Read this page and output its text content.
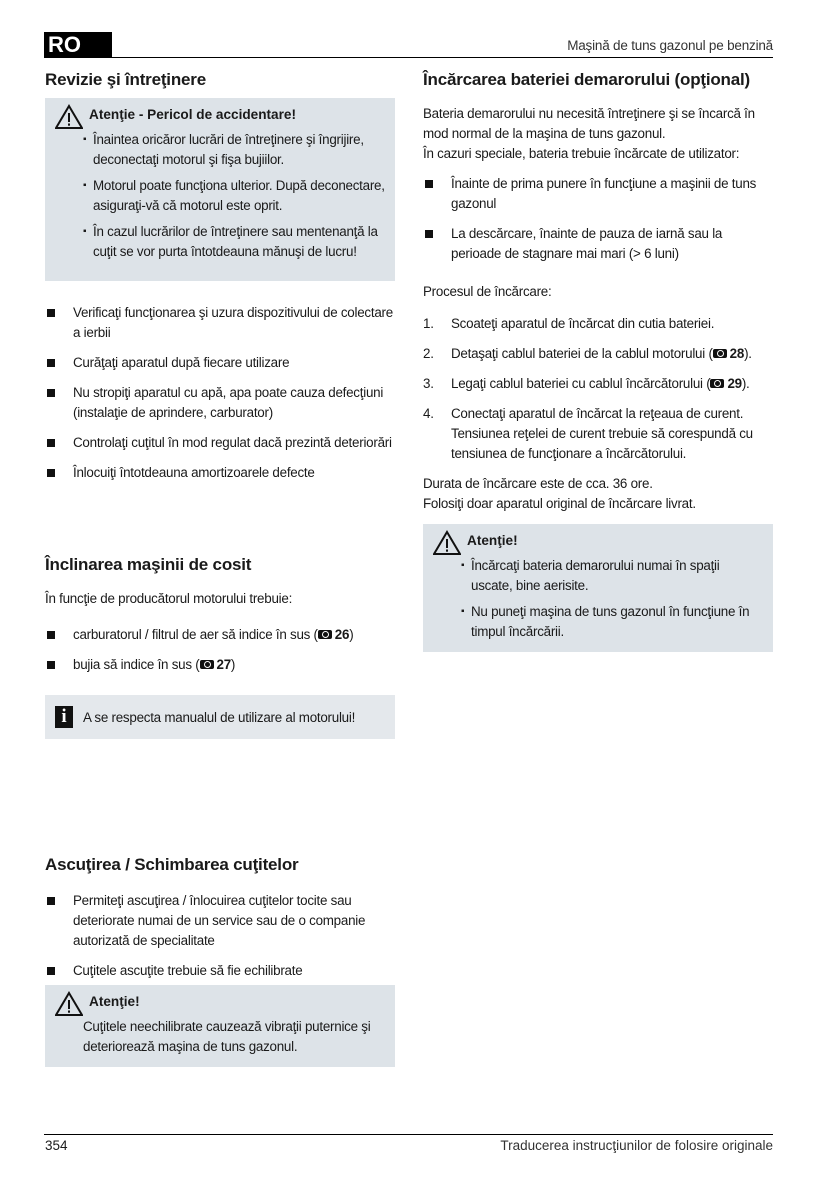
RO	Maşină de tuns gazonul pe benzină
Revizie şi întreţinere
Atenţie - Pericol de accidentare!
▪ Înaintea oricăror lucrări de întreţinere şi îngrijire, deconectaţi motorul şi fişa bujiilor.
▪ Motorul poate funcţiona ulterior. După deconectare, asiguraţi-vă că motorul este oprit.
▪ În cazul lucrărilor de întreţinere sau mentenanţă la cuţit se vor purta întotdeauna mănuşi de lucru!
Verificaţi funcţionarea şi uzura dispozitivului de colectare a ierbii
Curăţaţi aparatul după fiecare utilizare
Nu stropiţi aparatul cu apă, apa poate cauza defecţiuni (instalaţie de aprindere, carburator)
Controlaţi cuţitul în mod regulat dacă prezintă deteriorări
Înlocuiţi întotdeauna amortizoarele defecte
Înclinarea maşinii de cosit

În funcţie de producătorul motorului trebuie:

carburatorul / filtrul de aer să indice în sus ( 26)
bujia să indice în sus ( 27)
i	A se respecta manualul de utilizare al motorului!
Ascuţirea / Schimbarea cuţitelor
Permiteţi ascuţirea / înlocuirea cuţitelor tocite sau deteriorate numai de un service sau de o companie autorizată de specialitate
Cuţitele ascuţite trebuie să fie echilibrate
Atenţie!

Cuţitele neechilibrate cauzează vibraţii puternice şi deteriorează maşina de tuns gazonul.

Încărcarea bateriei demarorului (opţional)

Bateria demarorului nu necesită întreţinere şi se încarcă în mod normal de la maşina de tuns gazonul.

În cazuri speciale, bateria trebuie încărcate de utilizator:

Înainte de prima punere în funcţiune a maşinii de tuns gazonul
La descărcare, înainte de pauza de iarnă sau la perioade de stagnare mai mari (> 6 luni)

Procesul de încărcare:

1. Scoateţi aparatul de încărcat din cutia bateriei.
2. Detaşaţi cablul bateriei de la cablul motorului ( 28).
3. Legaţi cablul bateriei cu cablul încărcătorului ( 29).
4. Conectaţi aparatul de încărcat la reţeaua de curent. Tensiunea reţelei de curent trebuie să corespundă cu tensiunea de funcţionare a încărcătorului.

Durata de încărcare este de cca. 36 ore.

Folosiţi doar aparatul original de încărcare livrat.

Atenţie!
▪ Încărcaţi bateria demarorului numai în spaţii uscate, bine aerisite.
▪ Nu puneţi maşina de tuns gazonul în funcţiune în timpul încărcării.
354	Traducerea instrucţiunilor de folosire originale
